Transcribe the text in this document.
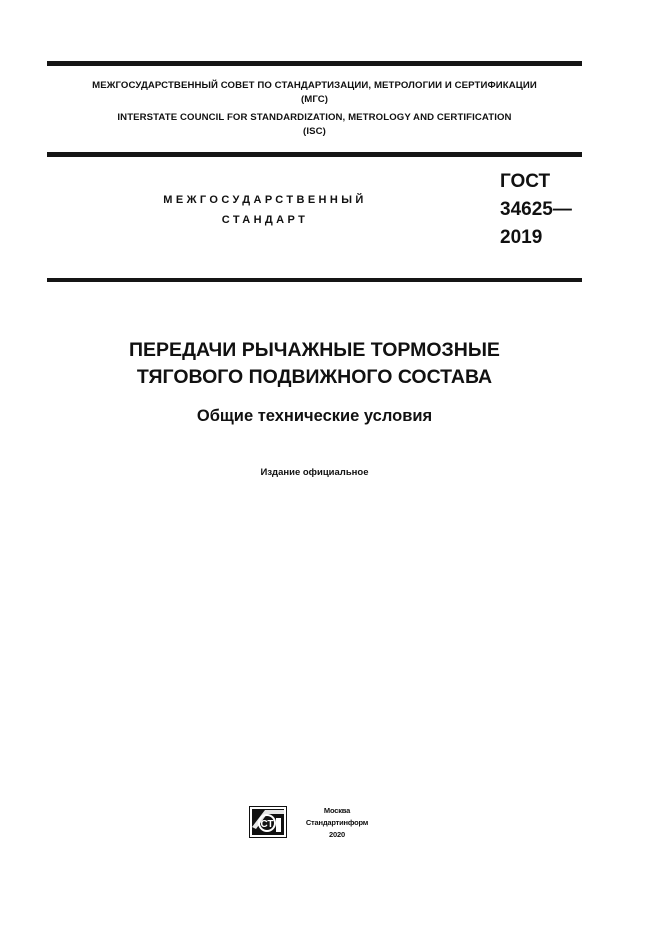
МЕЖГОСУДАРСТВЕННЫЙ СОВЕТ ПО СТАНДАРТИЗАЦИИ, МЕТРОЛОГИИ И СЕРТИФИКАЦИИ
(МГС)
INTERSTATE COUNCIL FOR STANDARDIZATION, METROLOGY AND CERTIFICATION
(ISC)
МЕЖГОСУДАРСТВЕННЫЙ
СТАНДАРТ
ГОСТ
34625—
2019
ПЕРЕДАЧИ РЫЧАЖНЫЕ ТОРМОЗНЫЕ
ТЯГОВОГО ПОДВИЖНОГО СОСТАВА
Общие технические условия
Издание официальное
СТ
Москва
Стандартинформ
2020
